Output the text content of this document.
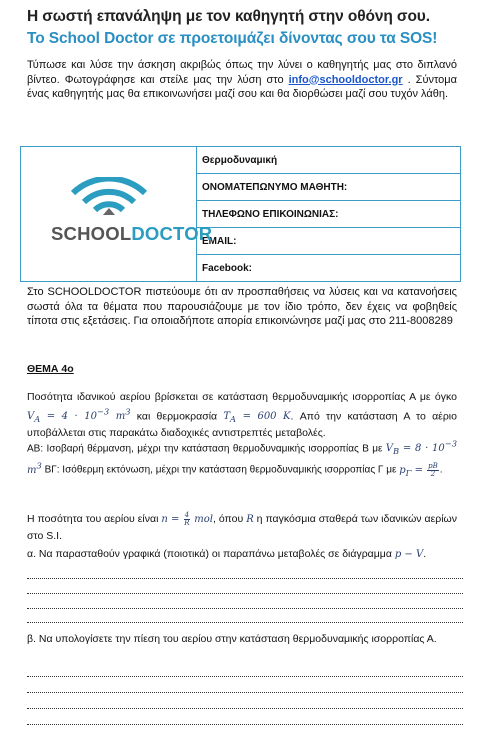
Η σωστή επανάληψη με τον καθηγητή στην οθόνη σου.
Το School Doctor σε προετοιμάζει δίνοντας σου τα SOS!
Τύπωσε και λύσε την άσκηση ακριβώς όπως την λύνει ο καθηγητής μας στο διπλανό βίντεο. Φωτογράφησε και στείλε μας την λύση στο info@schooldoctor.gr . Σύντομα ένας καθηγητής μας θα επικοινωνήσει μαζί σου και θα διορθώσει μαζί σου τυχόν λάθη.
SCHOOLDOCTOR
	Θερμοδυναμική
ΟΝΟΜΑΤΕΠΩΝΥΜΟ ΜΑΘΗΤΗ:
ΤΗΛΕΦΩΝΟ ΕΠΙΚΟΙΝΩΝΙΑΣ:
EMAIL:
Facebook:
Στο SCHOOLDOCTOR πιστεύουμε ότι αν προσπαθήσεις να λύσεις και να κατανοήσεις σωστά όλα τα θέματα που παρουσιάζουμε με τον ίδιο τρόπο, δεν έχεις να φοβηθείς τίποτα στις εξετάσεις. Για οποιαδήποτε απορία επικοινώνησε μαζί μας στο 211-8008289
ΘΕΜΑ 4ο
Ποσότητα ιδανικού αερίου βρίσκεται σε κατάσταση θερμοδυναμικής ισορροπίας Α με όγκο $V_A = 4 \cdot 10^{-3}$ $m^3$ και θερμοκρασία $T_A = 600$ K. Από την κατάσταση Α το αέριο υποβάλλεται στις παρακάτω διαδοχικές αντιστρεπτές μεταβολές.
ΑΒ: Ισοβαρή θέρμανση, μέχρι την κατάσταση θερμοδυναμικής ισορροπίας Β με $V_B = 8 \cdot 10^{-3}$ $m^3$ ΒΓ: Ισόθερμη εκτόνωση, μέχρι την κατάσταση θερμοδυναμικής ισορροπίας Γ με $p_\Gamma = \frac{pB}{2}$ .
Η ποσότητα του αερίου είναι $n = \frac{4}{R}$ mol, όπου R η παγκόσμια σταθερά των ιδανικών αερίων στο S.I.
α. Να παρασταθούν γραφικά (ποιοτικά) οι παραπάνω μεταβολές σε διάγραμμα p − V.
β. Να υπολογίσετε την πίεση του αερίου στην κατάσταση θερμοδυναμικής ισορροπίας Α.
